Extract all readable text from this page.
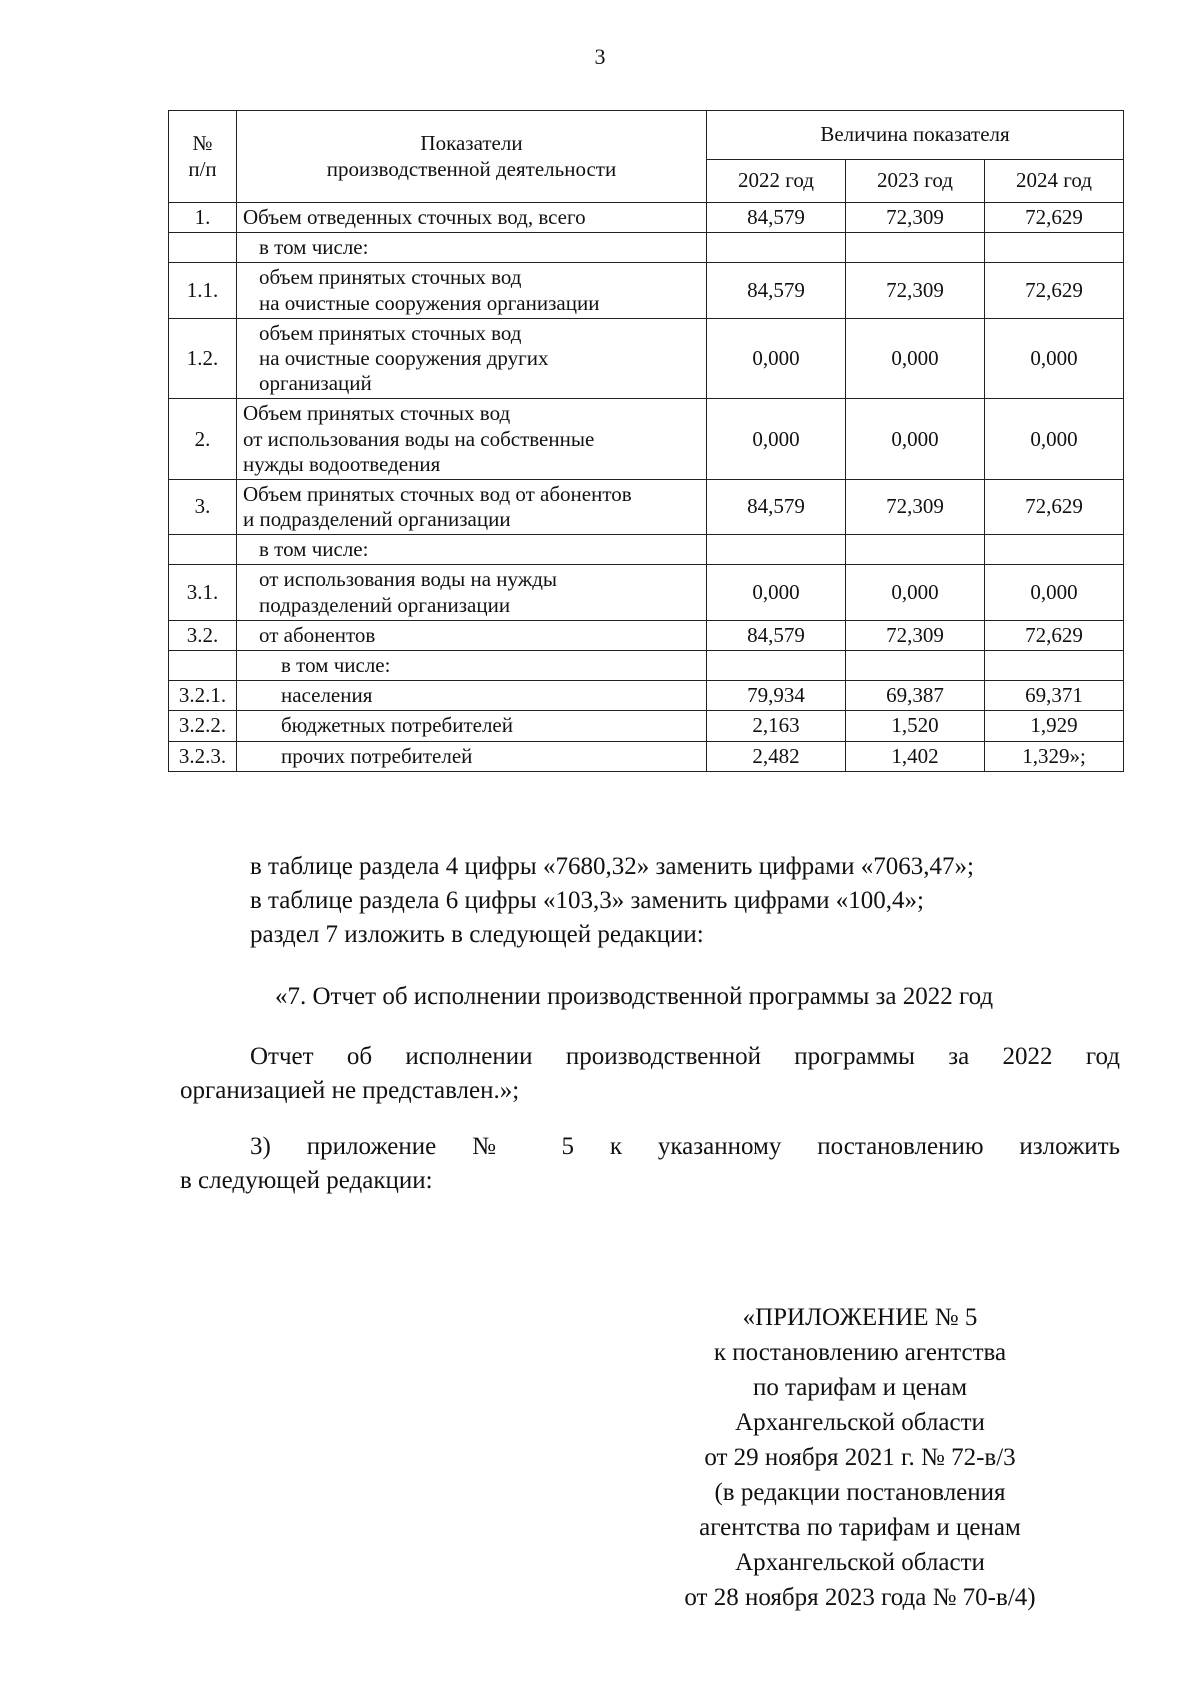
3
№
п/п	Показатели
производственной деятельности	Величина показателя		
		2022 год	2023 год	2024 год
1.	Объем отведенных сточных вод, всего	84,579	72,309	72,629
	в том числе:			
1.1.	объем принятых сточных вод
на очистные сооружения организации	84,579	72,309	72,629
1.2.	объем принятых сточных вод
на очистные сооружения других
организаций	0,000	0,000	0,000
2.	Объем принятых сточных вод
от использования воды на собственные
нужды водоотведения	0,000	0,000	0,000
3.	Объем принятых сточных вод от абонентов
и подразделений организации	84,579	72,309	72,629
	в том числе:			
3.1.	от использования воды на нужды
подразделений организации	0,000	0,000	0,000
3.2.	от абонентов	84,579	72,309	72,629
	в том числе:			
3.2.1.	населения	79,934	69,387	69,371
3.2.2.	бюджетных потребителей	2,163	1,520	1,929
3.2.3.	прочих потребителей	2,482	1,402	1,329»;
в таблице раздела 4 цифры «7680,32» заменить цифрами «7063,47»;
в таблице раздела 6 цифры «103,3» заменить цифрами «100,4»;
раздел 7 изложить в следующей редакции:
«7. Отчет об исполнении производственной программы за 2022 год
Отчет об исполнении производственной программы за 2022 год
организацией не представлен.»;
3) приложение № 5 к указанному постановлению изложить
в следующей редакции:
«ПРИЛОЖЕНИЕ № 5
к постановлению агентства
по тарифам и ценам
Архангельской области
от 29 ноября 2021 г. № 72-в/3
(в редакции постановления
агентства по тарифам и ценам
Архангельской области
от 28 ноября 2023 года № 70-в/4)
